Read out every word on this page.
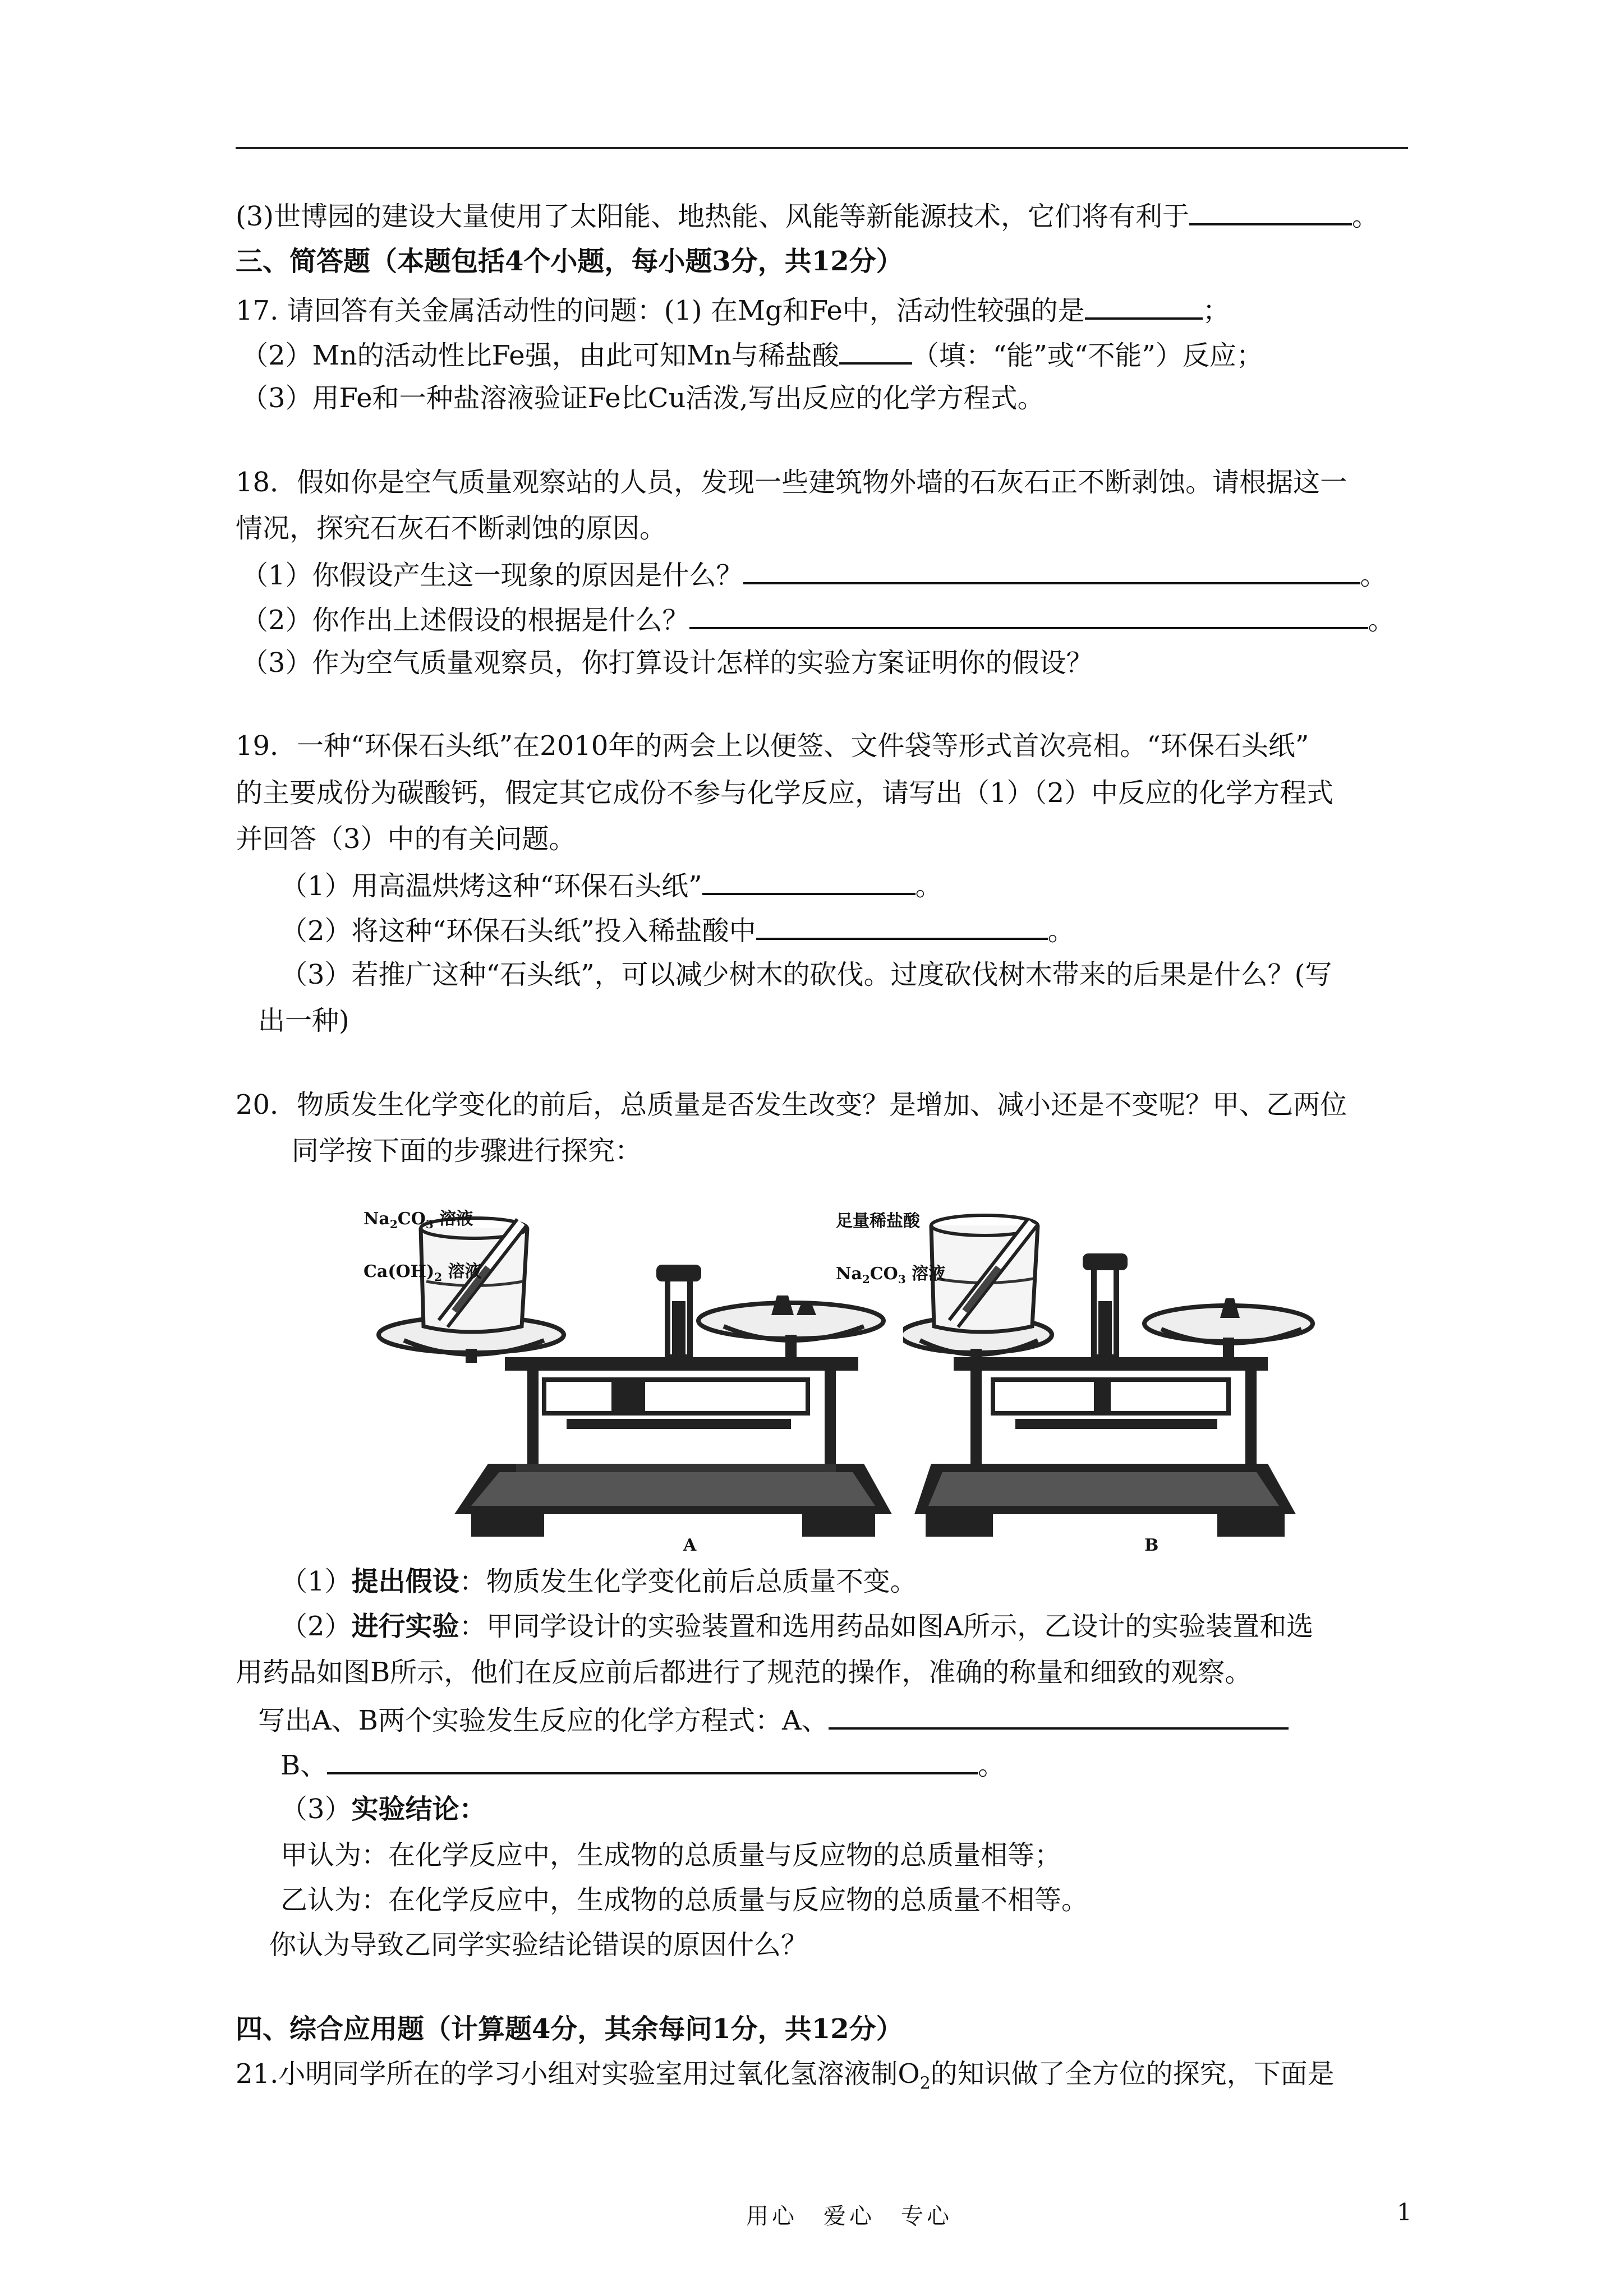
(3)世博园的建设大量使用了太阳能、地热能、风能等新能源技术，它们将有利于	。
三、简答题（本题包括4个小题，每小题3分，共12分）
17. 请回答有关金属活动性的问题：(1) 在Mg和Fe中，活动性较强的是	；
（2）Mn的活动性比Fe强，由此可知Mn与稀盐酸	（填：“能”或“不能”）反应；
（3）用Fe和一种盐溶液验证Fe比Cu活泼,写出反应的化学方程式。
18．假如你是空气质量观察站的人员，发现一些建筑物外墙的石灰石正不断剥蚀。请根据这一
情况，探究石灰石不断剥蚀的原因。
（1）你假设产生这一现象的原因是什么？	。
（2）你作出上述假设的根据是什么？	。
（3）作为空气质量观察员，你打算设计怎样的实验方案证明你的假设？
19．一种“环保石头纸”在2010年的两会上以便签、文件袋等形式首次亮相。“环保石头纸”
的主要成份为碳酸钙，假定其它成份不参与化学反应，请写出（1）（2）中反应的化学方程式
并回答（3）中的有关问题。
（1）用高温烘烤这种“环保石头纸”	。
（2）将这种“环保石头纸”投入稀盐酸中	。
（3）若推广这种“石头纸”，可以减少树木的砍伐。过度砍伐树木带来的后果是什么？(写
出一种)
20．物质发生化学变化的前后，总质量是否发生改变？是增加、减小还是不变呢？甲、乙两位
同学按下面的步骤进行探究：
$Na_2CO_3$ 溶液
$Ca(OH)_2$ 溶液
A
足量稀盐酸
$Na_2CO_3$ 溶液
B
（1）提出假设：物质发生化学变化前后总质量不变。
（2）进行实验：甲同学设计的实验装置和选用药品如图A所示，乙设计的实验装置和选
用药品如图B所示，他们在反应前后都进行了规范的操作，准确的称量和细致的观察。
写出A、B两个实验发生反应的化学方程式：A、
B、	。
（3）实验结论：
甲认为：在化学反应中，生成物的总质量与反应物的总质量相等；
乙认为：在化学反应中，生成物的总质量与反应物的总质量不相等。
你认为导致乙同学实验结论错误的原因什么？
四、综合应用题（计算题4分，其余每问1分，共12分）
21.小明同学所在的学习小组对实验室用过氧化氢溶液制$O_2$的知识做了全方位的探究，下面是
用心　爱心　专心	1
